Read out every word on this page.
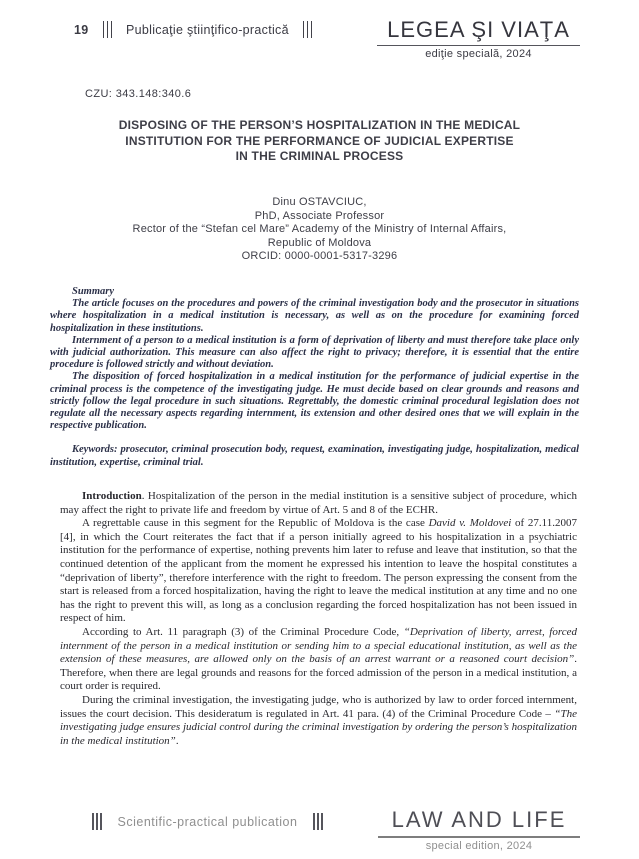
19	Publicaţie ştiinţifico-practică	LEGEA ŞI VIAŢA
ediţie specială, 2024
CZU: 343.148:340.6
DISPOSING OF THE PERSON’S HOSPITALIZATION IN THE MEDICAL
INSTITUTION FOR THE PERFORMANCE OF JUDICIAL EXPERTISE
IN THE CRIMINAL PROCESS
Dinu OSTAVCIUC,
PhD, Associate Professor
Rector of the “Stefan cel Mare” Academy of the Ministry of Internal Affairs,
Republic of Moldova
ORCID: 0000-0001-5317-3296

Summary

The article focuses on the procedures and powers of the criminal investigation body and the prosecutor in situations where hospitalization in a medical institution is necessary, as well as on the procedure for examining forced hospitalization in these institutions.

Internment of a person to a medical institution is a form of deprivation of liberty and must therefore take place only with judicial authorization. This measure can also affect the right to privacy; therefore, it is essential that the entire procedure is followed strictly and without deviation.

The disposition of forced hospitalization in a medical institution for the performance of judicial expertise in the criminal process is the competence of the investigating judge. He must decide based on clear grounds and reasons and strictly follow the legal procedure in such situations. Regrettably, the domestic criminal procedural legislation does not regulate all the necessary aspects regarding internment, its extension and other desired ones that we will explain in the respective publication.

Keywords: prosecutor, criminal prosecution body, request, examination, investigating judge, hospitalization, medical institution, expertise, criminal trial.

Introduction. Hospitalization of the person in the medial institution is a sensitive subject of procedure, which may affect the right to private life and freedom by virtue of Art. 5 and 8 of the ECHR.

A regrettable cause in this segment for the Republic of Moldova is the case David v. Moldovei of 27.11.2007 [4], in which the Court reiterates the fact that if a person initially agreed to his hospitalization in a psychiatric institution for the performance of expertise, nothing prevents him later to refuse and leave that institution, so that the continued detention of the applicant from the moment he expressed his intention to leave the hospital constitutes a “deprivation of liberty”, therefore interference with the right to freedom. The person expressing the consent from the start is released from a forced hospitalization, having the right to leave the medical institution at any time and no one has the right to prevent this will, as long as a conclusion regarding the forced hospitalization has not been issued in respect of him.

According to Art. 11 paragraph (3) of the Criminal Procedure Code, “Deprivation of liberty, arrest, forced internment of the person in a medical institution or sending him to a special educational institution, as well as the extension of these measures, are allowed only on the basis of an arrest warrant or a reasoned court decision”. Therefore, when there are legal grounds and reasons for the forced admission of the person in a medical institution, a court order is required.

During the criminal investigation, the investigating judge, who is authorized by law to order forced internment, issues the court decision. This desideratum is regulated in Art. 41 para. (4) of the Criminal Procedure Code – “The investigating judge ensures judicial control during the criminal investigation by ordering the person’s hospitalization in the medical institution”.

Scientific-practical publication	LAW AND LIFE
special edition, 2024
